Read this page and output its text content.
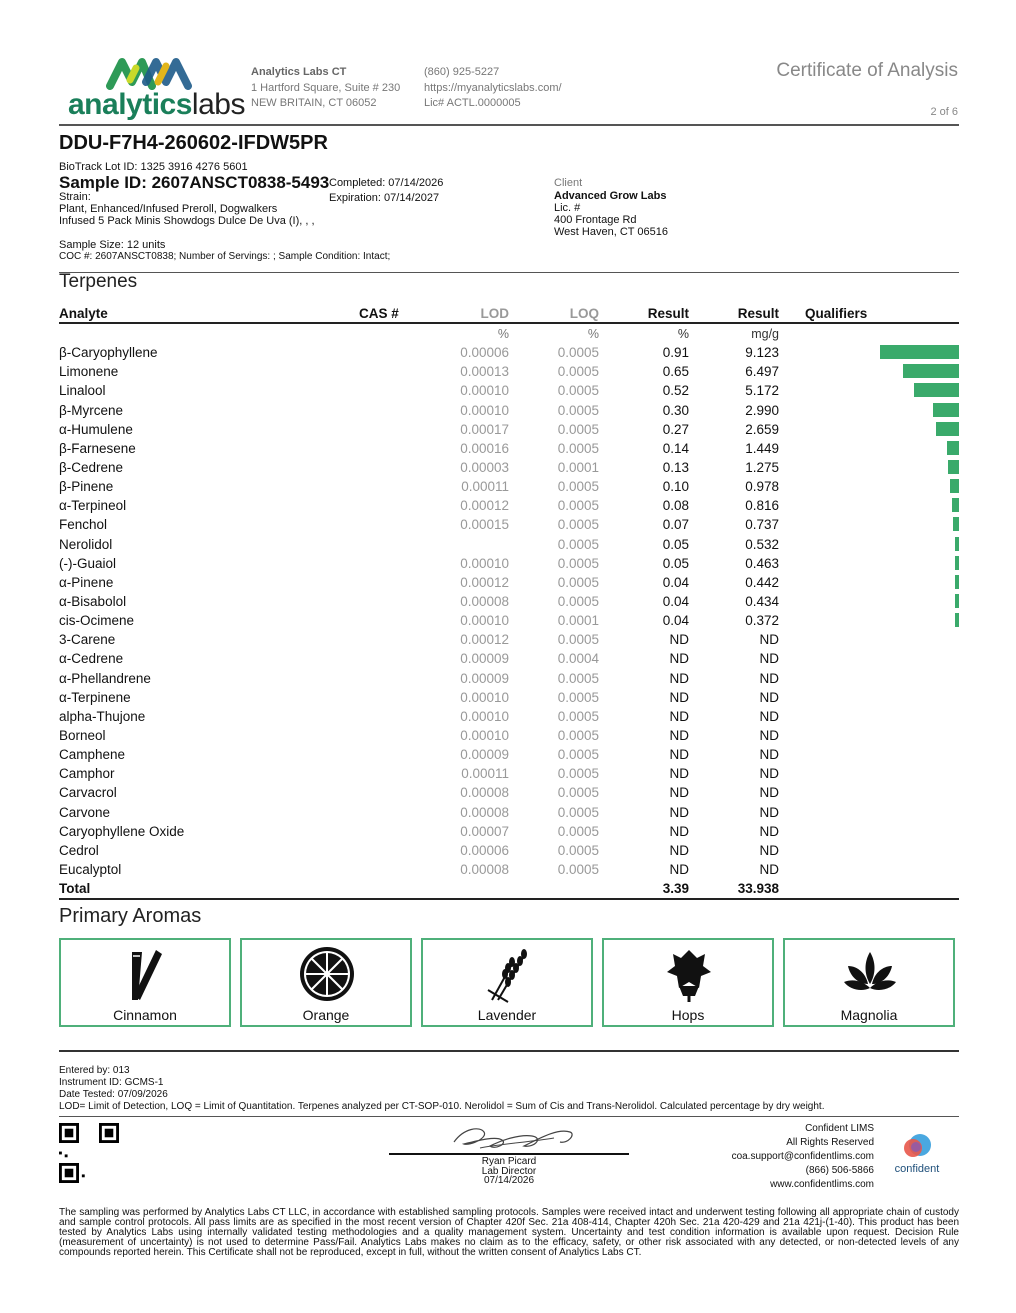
analyticslabs
Analytics Labs CT
1 Hartford Square, Suite # 230
NEW BRITAIN, CT 06052
(860) 925-5227
https://myanalyticslabs.com/
Lic# ACTL.0000005
Certificate of Analysis
2 of 6
DDU-F7H4-260602-IFDW5PR
BioTrack Lot ID: 1325 3916 4276 5601
Sample ID: 2607ANSCT0838-5493
Strain:
Plant, Enhanced/Infused Preroll, Dogwalkers
Infused 5 Pack Minis Showdogs Dulce De Uva (I), , ,
Completed: 07/14/2026
Expiration: 07/14/2027
Sample Size: 12 units
COC #: 2607ANSCT0838; Number of Servings: ; Sample Condition: Intact;
Client
Advanced Grow Labs
Lic. #
400 Frontage Rd
West Haven, CT 06516
Terpenes
Analyte	CAS #	LOD	LOQ	Result	Result	Qualifiers	
		%	%	%	mg/g		
β-Caryophyllene		0.00006	0.0005	0.91	9.123		

Limonene		0.00013	0.0005	0.65	6.497		

Linalool		0.00010	0.0005	0.52	5.172		

β-Myrcene		0.00010	0.0005	0.30	2.990		

α-Humulene		0.00017	0.0005	0.27	2.659		

β-Farnesene		0.00016	0.0005	0.14	1.449		

β-Cedrene		0.00003	0.0001	0.13	1.275		

β-Pinene		0.00011	0.0005	0.10	0.978		

α-Terpineol		0.00012	0.0005	0.08	0.816		

Fenchol		0.00015	0.0005	0.07	0.737		

Nerolidol			0.0005	0.05	0.532		

(-)-Guaiol		0.00010	0.0005	0.05	0.463		

α-Pinene		0.00012	0.0005	0.04	0.442		

α-Bisabolol		0.00008	0.0005	0.04	0.434		

cis-Ocimene		0.00010	0.0001	0.04	0.372		

3-Carene		0.00012	0.0005	ND	ND		
α-Cedrene		0.00009	0.0004	ND	ND		
α-Phellandrene		0.00009	0.0005	ND	ND		
α-Terpinene		0.00010	0.0005	ND	ND		
alpha-Thujone		0.00010	0.0005	ND	ND		
Borneol		0.00010	0.0005	ND	ND		
Camphene		0.00009	0.0005	ND	ND		
Camphor		0.00011	0.0005	ND	ND		
Carvacrol		0.00008	0.0005	ND	ND		
Carvone		0.00008	0.0005	ND	ND		
Caryophyllene Oxide		0.00007	0.0005	ND	ND		
Cedrol		0.00006	0.0005	ND	ND		
Eucalyptol		0.00008	0.0005	ND	ND		
Total				3.39	33.938		
Primary Aromas
Cinnamon	Orange	Lavender	Hops	Magnolia
Entered by: 013
Instrument ID: GCMS-1
Date Tested: 07/09/2026
LOD= Limit of Detection, LOQ = Limit of Quantitation. Terpenes analyzed per CT-SOP-010. Nerolidol = Sum of Cis and Trans-Nerolidol. Calculated percentage by dry weight.
Ryan Picard
Lab Director
07/14/2026
Confident LIMS
All Rights Reserved
coa.support@confidentlims.com
(866) 506-5866
www.confidentlims.com
confident
The sampling was performed by Analytics Labs CT LLC, in accordance with established sampling protocols. Samples were received intact and underwent testing following all appropriate chain of custody and sample control protocols. All pass limits are as specified in the most recent version of Chapter 420f Sec. 21a 408-414, Chapter 420h Sec. 21a 420-429 and 21a 421j-(1-40). This product has been tested by Analytics Labs using internally validated testing methodologies and a quality management system. Uncertainty and test condition information is available upon request. Decision Rule (measurement of uncertainty) is not used to determine Pass/Fail. Analytics Labs makes no claim as to the efficacy, safety, or other risk associated with any detected, or non-detected levels of any compounds reported herein. This Certificate shall not be reproduced, except in full, without the written consent of Analytics Labs CT.
